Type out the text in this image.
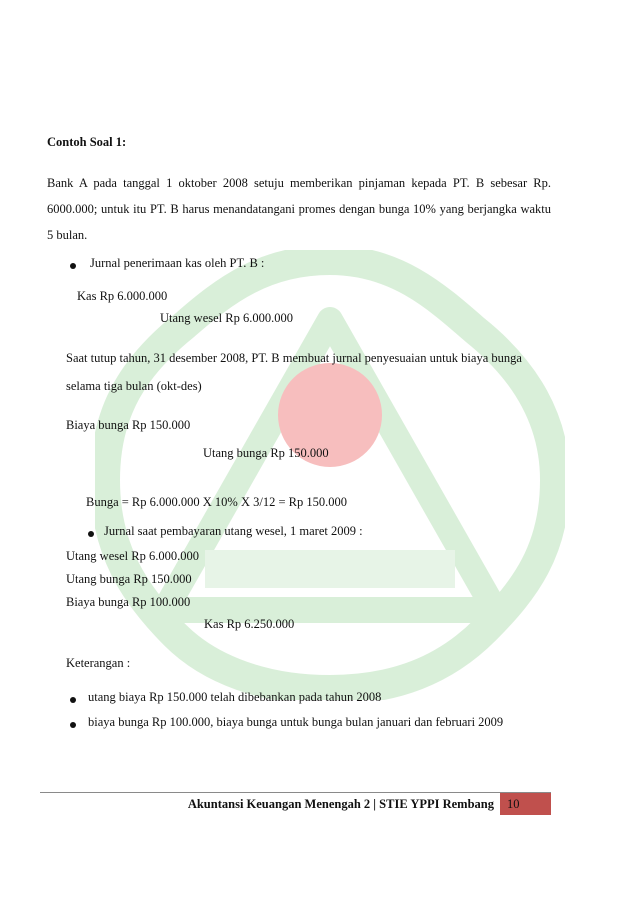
Contoh Soal 1:
Bank A pada tanggal 1 oktober 2008 setuju memberikan pinjaman kepada PT. B sebesar Rp. 6000.000; untuk itu PT. B harus menandatangani promes dengan bunga 10% yang berjangka waktu 5 bulan.
Jurnal penerimaan kas oleh PT. B :
Kas Rp 6.000.000
Utang wesel Rp 6.000.000
Saat tutup tahun, 31 desember 2008, PT. B membuat jurnal penyesuaian untuk biaya bunga
selama tiga bulan (okt-des)
Biaya bunga Rp 150.000
Utang bunga Rp 150.000
Bunga = Rp 6.000.000 X 10% X 3/12 = Rp 150.000
Jurnal saat pembayaran utang wesel, 1 maret 2009 :
Utang wesel Rp 6.000.000
Utang bunga Rp 150.000
Biaya bunga Rp 100.000
Kas Rp 6.250.000
Keterangan :
utang biaya Rp 150.000 telah dibebankan pada tahun 2008
biaya bunga Rp 100.000, biaya bunga untuk bunga bulan januari dan februari 2009
Akuntansi Keuangan Menengah 2 | STIE YPPI Rembang	10
